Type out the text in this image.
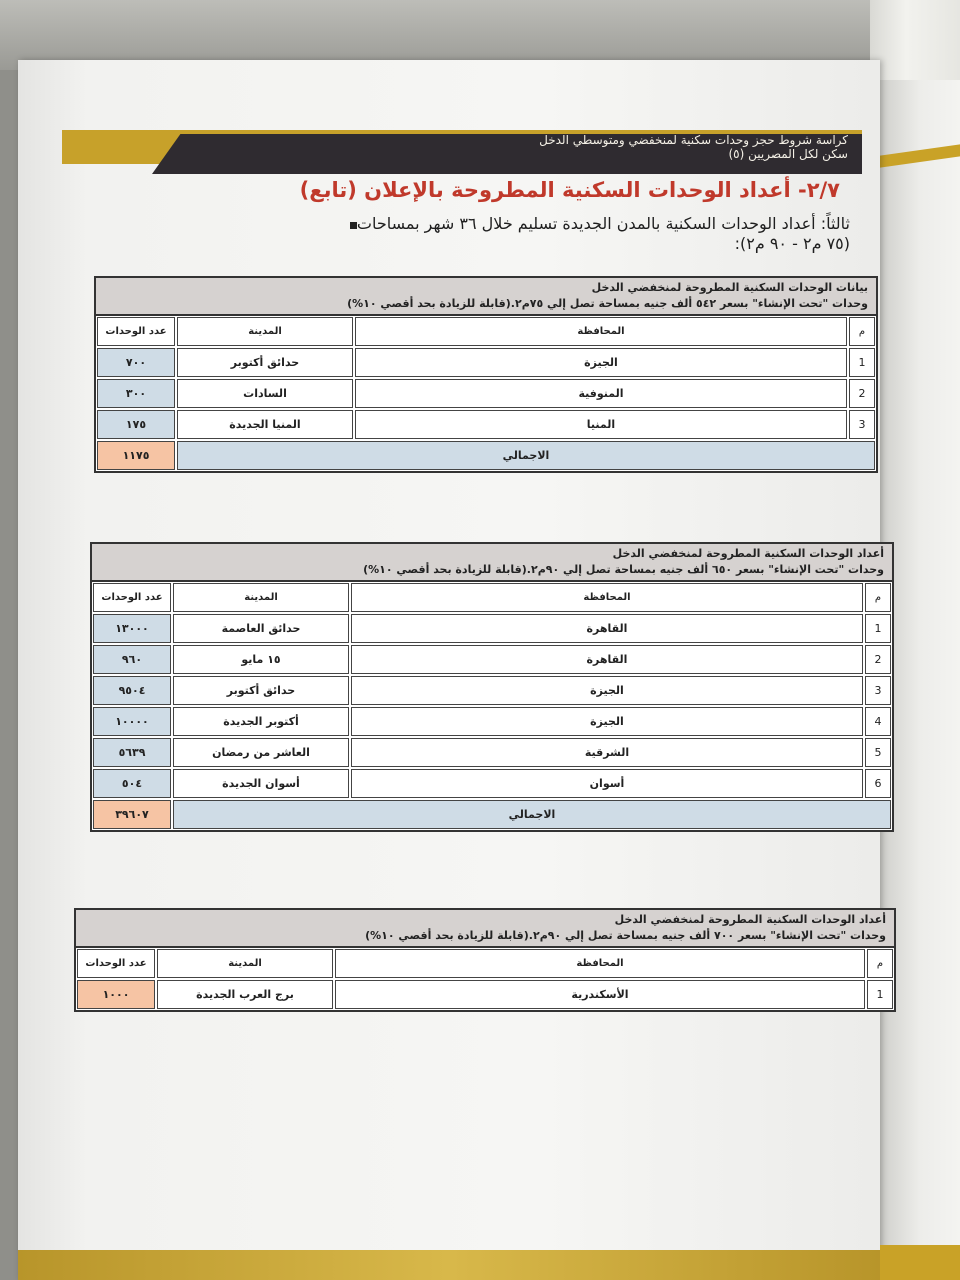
كراسة شروط حجز وحدات سكنية لمنخفضي ومتوسطي الدخل
سكن لكل المصريين (٥)
٢/٧- أعداد الوحدات السكنية المطروحة بالإعلان (تابع)
ثالثاً: أعداد الوحدات السكنية بالمدن الجديدة تسليم خلال ٣٦ شهر بمساحات
(٧٥ م٢ - ٩٠ م٢):
بيانات الوحدات السكنية المطروحة لمنخفضي الدخل
وحدات "تحت الإنشاء" بسعر ٥٤٢ ألف جنيه بمساحة تصل إلي ٧٥م٢.(قابلة للزيادة بحد أقصي ١٠%)
م
المحافظة
المدينة
عدد الوحدات
1
الجيزة
حدائق أكتوبر
٧٠٠
2
المنوفية
السادات
٣٠٠
3
المنيا
المنيا الجديدة
١٧٥
الاجمالي
١١٧٥
أعداد الوحدات السكنية المطروحة لمنخفضي الدخل
وحدات "تحت الإنشاء" بسعر ٦٥٠ ألف جنيه بمساحة تصل إلي ٩٠م٢.(قابلة للزيادة بحد أقصي ١٠%)
م
المحافظة
المدينة
عدد الوحدات
1
القاهرة
حدائق العاصمة
١٣٠٠٠
2
القاهرة
١٥ مايو
٩٦٠
3
الجيزة
حدائق أكتوبر
٩٥٠٤
4
الجيزة
أكتوبر الجديدة
١٠٠٠٠
5
الشرقية
العاشر من رمضان
٥٦٣٩
6
أسوان
أسوان الجديدة
٥٠٤
الاجمالي
٣٩٦٠٧
أعداد الوحدات السكنية المطروحة لمنخفضي الدخل
وحدات "تحت الإنشاء" بسعر ٧٠٠ ألف جنيه بمساحة تصل إلي ٩٠م٢.(قابلة للزيادة بحد أقصي ١٠%)
م
المحافظة
المدينة
عدد الوحدات
1
الأسكندرية
برج العرب الجديدة
١٠٠٠
